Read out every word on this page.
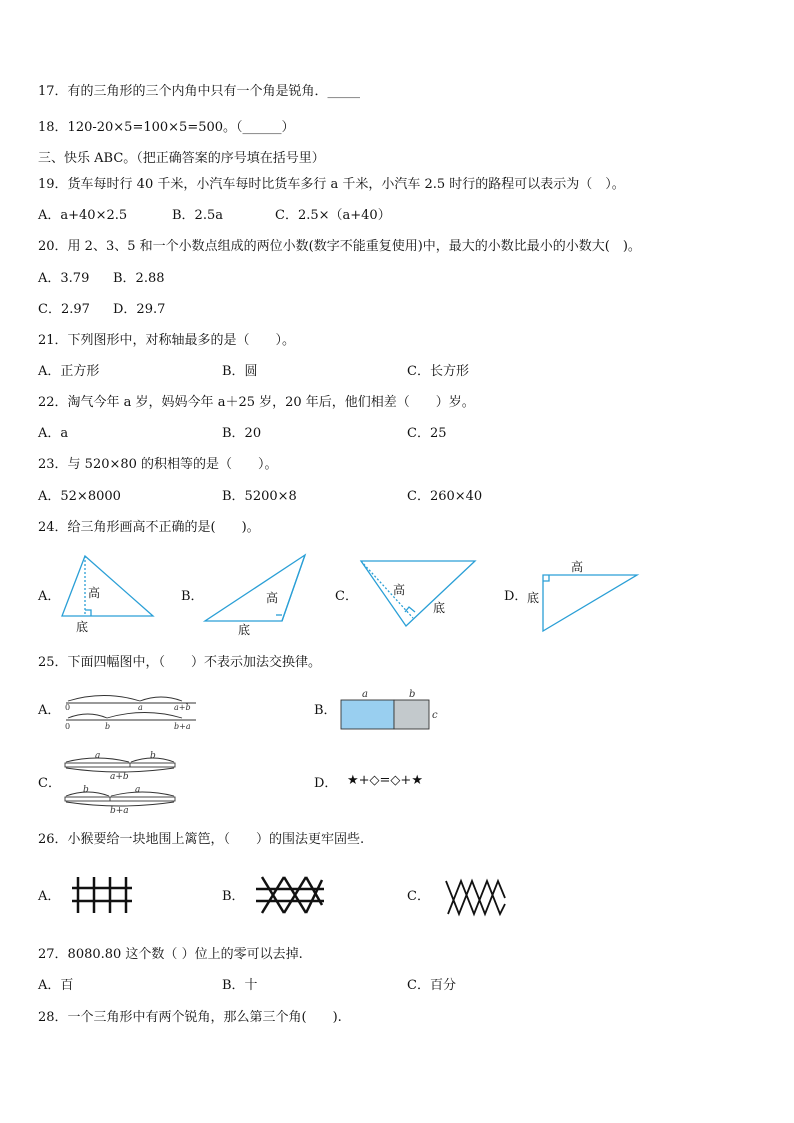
17．有的三角形的三个内角中只有一个角是锐角．_____
18．120-20×5=100×5=500。（______）
三、快乐 ABC。（把正确答案的序号填在括号里）
19．货车每时行 40 千米，小汽车每时比货车多行 a 千米，小汽车 2.5 时行的路程可以表示为（　）。
A．a+40×2.5	B．2.5a	C．2.5×（a+40）
20．用 2、3、5 和一个小数点组成的两位小数(数字不能重复使用)中，最大的小数比最小的小数大(　)。
A．3.79 B．2.88
C．2.97 D．29.7
21．下列图形中，对称轴最多的是（　　）。
A．正方形	B．圆	C．长方形
22．淘气今年 a 岁，妈妈今年 a＋25 岁，20 年后，他们相差（　　）岁。
A．a	B．20	C．25
23．与 520×80 的积相等的是（　　）。
A．52×8000	B．5200×8	C．260×40
24．给三角形画高不正确的是(　　)。
A．	B．	C．	D．
高
底
高
底
高
底
高
底
25．下面四幅图中，（　　）不表示加法交换律。
A．	B．
C．	D．
0	a	a+b
0	b	b+a
a	b
c
a	b
a+b
b	a
b+a
★+◇=◇+★
26．小猴要给一块地围上篱笆，（　　）的围法更牢固些.
A．	B．	C．
27．8080.80 这个数（ ）位上的零可以去掉.
A．百	B．十	C．百分
28．一个三角形中有两个锐角，那么第三个角(　　).
